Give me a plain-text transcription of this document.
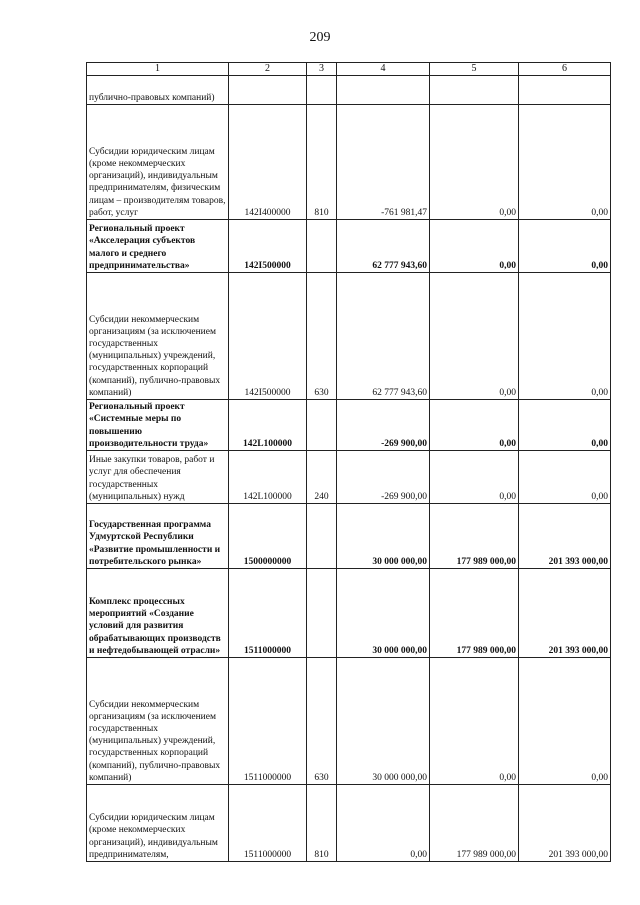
209
1	2	3	4	5	6
публично-правовых компаний)					
Субсидии юридическим лицам (кроме некоммерческих организаций), индивидуальным предпринимателям, физическим лицам – производителям товаров, работ, услуг	142I400000	810	-761 981,47	0,00	0,00
Региональный проект «Акселерация субъектов малого и среднего предпринимательства»	142I500000		62 777 943,60	0,00	0,00
Субсидии некоммерческим организациям (за исключением государственных (муниципальных) учреждений, государственных корпораций (компаний), публично-правовых компаний)	142I500000	630	62 777 943,60	0,00	0,00
Региональный проект «Системные меры по повышению производительности труда»	142L100000		-269 900,00	0,00	0,00
Иные закупки товаров, работ и услуг для обеспечения государственных (муниципальных) нужд	142L100000	240	-269 900,00	0,00	0,00
Государственная программа Удмуртской Республики «Развитие промышленности и потребительского рынка»	1500000000		30 000 000,00	177 989 000,00	201 393 000,00
Комплекс процессных мероприятий «Создание условий для развития обрабатывающих производств и нефтедобывающей отрасли»	1511000000		30 000 000,00	177 989 000,00	201 393 000,00
Субсидии некоммерческим организациям (за исключением государственных (муниципальных) учреждений, государственных корпораций (компаний), публично-правовых компаний)	1511000000	630	30 000 000,00	0,00	0,00
Субсидии юридическим лицам (кроме некоммерческих организаций), индивидуальным предпринимателям,	1511000000	810	0,00	177 989 000,00	201 393 000,00
